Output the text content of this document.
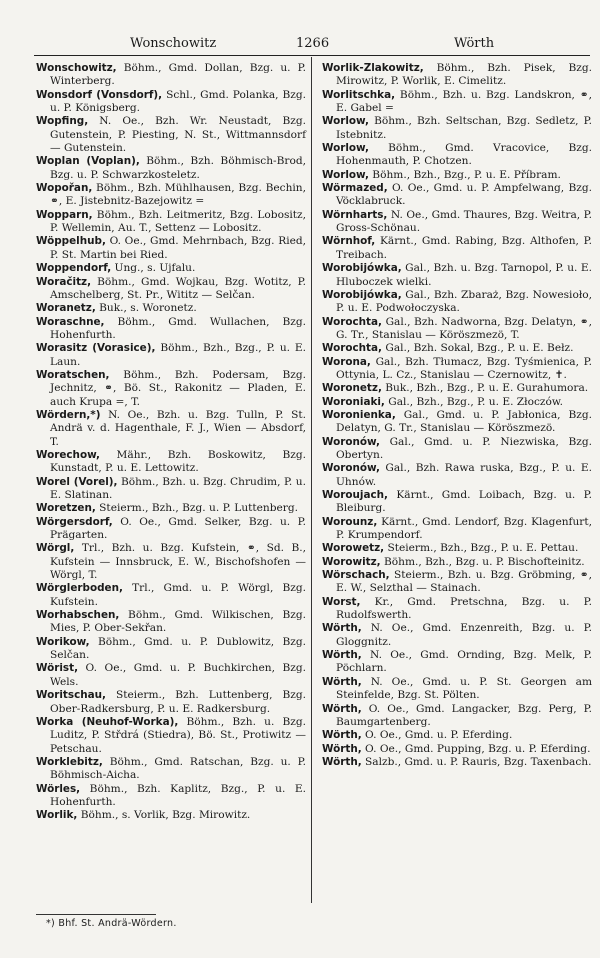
Wonschowitz	1266	Wörth

Wonschowitz, Böhm., Gmd. Dollan, Bzg. u. P. Winterberg.

Wonsdorf (Vonsdorf), Schl., Gmd. Polanka, Bzg. u. P. Königsberg.

Wopfing, N. Oe., Bzh. Wr. Neustadt, Bzg. Gutenstein, P. Piesting, N. St., Wittmannsdorf — Gutenstein.

Woplan (Voplan), Böhm., Bzh. Böhmisch-Brod, Bzg. u. P. Schwarzkosteletz.

Wopořan, Böhm., Bzh. Mühlhausen, Bzg. Bechin, ⚭, E. Jistebnitz-Bazejowitz =

Wopparn, Böhm., Bzh. Leitmeritz, Bzg. Lobositz, P. Wellemin, Au. T., Settenz — Lobositz.

Wöppelhub, O. Oe., Gmd. Mehrnbach, Bzg. Ried, P. St. Martin bei Ried.

Woppendorf, Ung., s. Ujfalu.

Woračitz, Böhm., Gmd. Wojkau, Bzg. Wotitz, P. Amschelberg, St. Pr., Wititz — Selčan.

Woranetz, Buk., s. Woronetz.

Woraschne, Böhm., Gmd. Wullachen, Bzg. Hohenfurth.

Worasitz (Vorasice), Böhm., Bzh., Bzg., P. u. E. Laun.

Woratschen, Böhm., Bzh. Podersam, Bzg. Jechnitz, ⚭, Bö. St., Rakonitz — Pladen, E. auch Krupa =, T.

Wördern,*) N. Oe., Bzh. u. Bzg. Tulln, P. St. Andrä v. d. Hagenthale, F. J., Wien — Absdorf, T.

Worechow, Mähr., Bzh. Boskowitz, Bzg. Kunstadt, P. u. E. Lettowitz.

Worel (Vorel), Böhm., Bzh. u. Bzg. Chrudim, P. u. E. Slatinan.

Woretzen, Steierm., Bzh., Bzg. u. P. Luttenberg.

Wörgersdorf, O. Oe., Gmd. Selker, Bzg. u. P. Prägarten.

Wörgl, Trl., Bzh. u. Bzg. Kufstein, ⚭, Sd. B., Kufstein — Innsbruck, E. W., Bischofshofen — Wörgl, T.

Wörglerboden, Trl., Gmd. u. P. Wörgl, Bzg. Kufstein.

Worhabschen, Böhm., Gmd. Wilkischen, Bzg. Mies, P. Ober-Sekřan.

Worikow, Böhm., Gmd. u. P. Dublowitz, Bzg. Selčan.

Wörist, O. Oe., Gmd. u. P. Buchkirchen, Bzg. Wels.

Woritschau, Steierm., Bzh. Luttenberg, Bzg. Ober-Radkersburg, P. u. E. Radkersburg.

Worka (Neuhof-Worka), Böhm., Bzh. u. Bzg. Luditz, P. Střdrá (Stiedra), Bö. St., Protiwitz — Petschau.

Worklebitz, Böhm., Gmd. Ratschan, Bzg. u. P. Böhmisch-Aicha.

Wörles, Böhm., Bzh. Kaplitz, Bzg., P. u. E. Hohenfurth.

Worlik, Böhm., s. Vorlik, Bzg. Mirowitz.

Worlik-Zlakowitz, Böhm., Bzh. Pisek, Bzg. Mirowitz, P. Worlik, E. Cimelitz.

Worlitschka, Böhm., Bzh. u. Bzg. Landskron, ⚭, E. Gabel =

Worlow, Böhm., Bzh. Seltschan, Bzg. Sedletz, P. Istebnitz.

Worlow, Böhm., Gmd. Vracovice, Bzg. Hohenmauth, P. Chotzen.

Worlow, Böhm., Bzh., Bzg., P. u. E. Příbram.

Wörmazed, O. Oe., Gmd. u. P. Ampfelwang, Bzg. Vöcklabruck.

Wörnharts, N. Oe., Gmd. Thaures, Bzg. Weitra, P. Gross-Schönau.

Wörnhof, Kärnt., Gmd. Rabing, Bzg. Althofen, P. Treibach.

Worobijówka, Gal., Bzh. u. Bzg. Tarnopol, P. u. E. Hluboczek wielki.

Worobijówka, Gal., Bzh. Zbaraż, Bzg. Nowesioło, P. u. E. Podwołoczyska.

Worochta, Gal., Bzh. Nadworna, Bzg. Delatyn, ⚭, G. Tr., Stanislau — Köröszmezö, T.

Worochta, Gal., Bzh. Sokal, Bzg., P. u. E. Bełz.

Worona, Gal., Bzh. Tłumacz, Bzg. Tyśmienica, P. Ottynia, L. Cz., Stanislau — Czernowitz, ✝.

Woronetz, Buk., Bzh., Bzg., P. u. E. Gurahumora.

Woroniaki, Gal., Bzh., Bzg., P. u. E. Złoczów.

Woronienka, Gal., Gmd. u. P. Jabłonica, Bzg. Delatyn, G. Tr., Stanislau — Köröszmezö.

Woronów, Gal., Gmd. u. P. Niezwiska, Bzg. Obertyn.

Woronów, Gal., Bzh. Rawa ruska, Bzg., P. u. E. Uhnów.

Woroujach, Kärnt., Gmd. Loibach, Bzg. u. P. Bleiburg.

Worounz, Kärnt., Gmd. Lendorf, Bzg. Klagenfurt, P. Krumpendorf.

Worowetz, Steierm., Bzh., Bzg., P. u. E. Pettau.

Worowitz, Böhm., Bzh., Bzg. u. P. Bischofteinitz.

Wörschach, Steierm., Bzh. u. Bzg. Gröbming, ⚭, E. W., Selzthal — Stainach.

Worst, Kr., Gmd. Pretschna, Bzg. u. P. Rudolfswerth.

Wörth, N. Oe., Gmd. Enzenreith, Bzg. u. P. Gloggnitz.

Wörth, N. Oe., Gmd. Ornding, Bzg. Melk, P. Pöchlarn.

Wörth, N. Oe., Gmd. u. P. St. Georgen am Steinfelde, Bzg. St. Pölten.

Wörth, O. Oe., Gmd. Langacker, Bzg. Perg, P. Baumgartenberg.

Wörth, O. Oe., Gmd. u. P. Eferding.

Wörth, O. Oe., Gmd. Pupping, Bzg. u. P. Eferding.

Wörth, Salzb., Gmd. u. P. Rauris, Bzg. Taxenbach.

*) Bhf. St. Andrä-Wördern.
